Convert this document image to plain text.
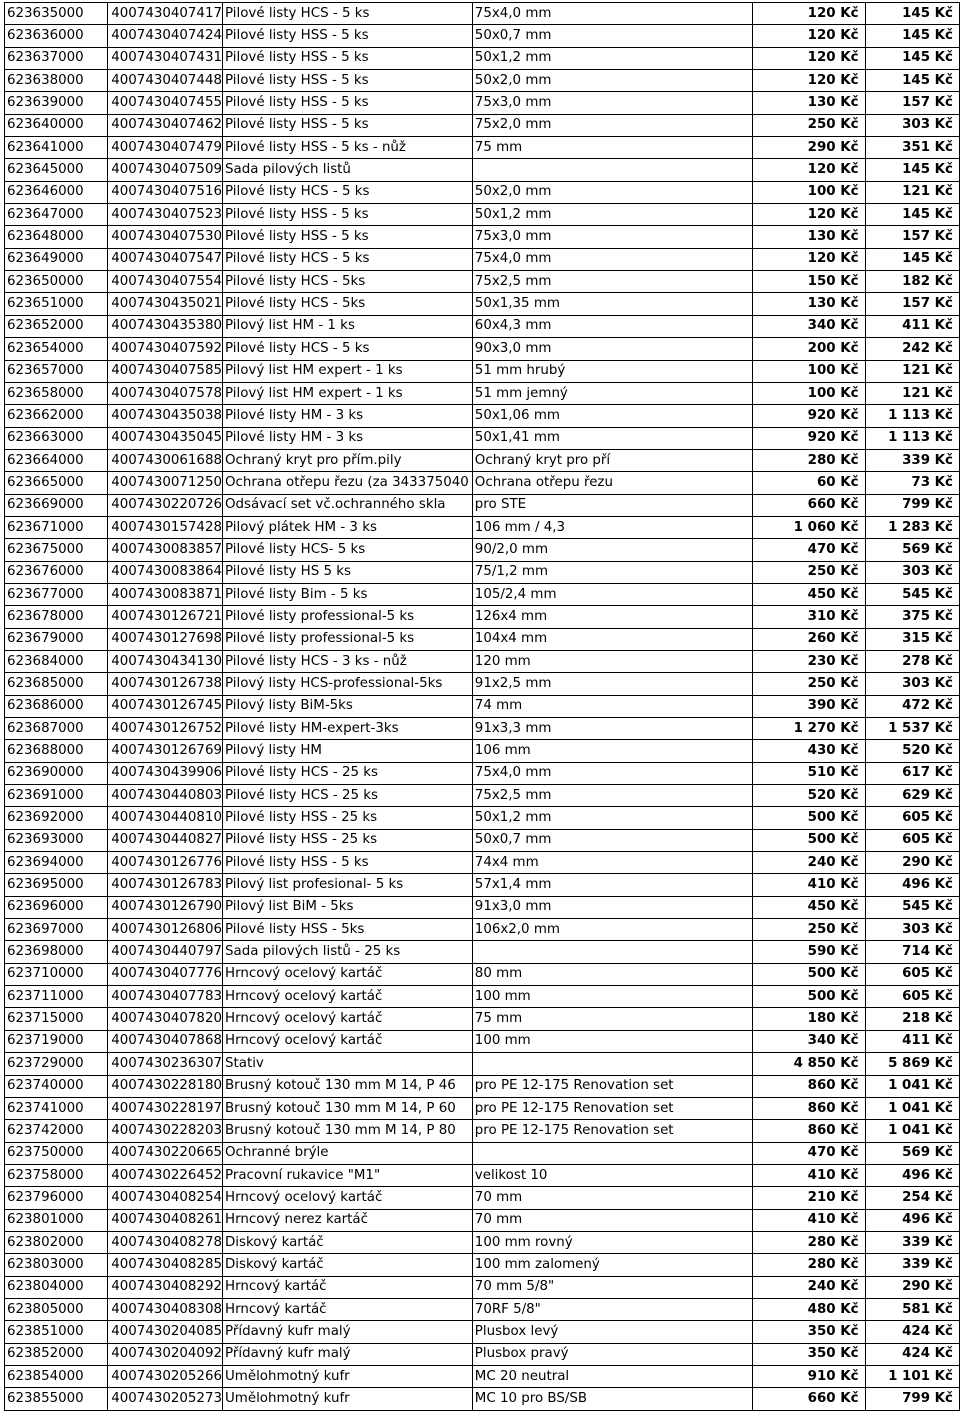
623635000	4007430407417	Pilové listy HCS - 5 ks	75x4,0 mm	120 Kč	145 Kč
623636000	4007430407424	Pilové listy HSS - 5 ks	50x0,7 mm	120 Kč	145 Kč
623637000	4007430407431	Pilové listy HSS - 5 ks	50x1,2 mm	120 Kč	145 Kč
623638000	4007430407448	Pilové listy HSS - 5 ks	50x2,0 mm	120 Kč	145 Kč
623639000	4007430407455	Pilové listy HSS - 5 ks	75x3,0 mm	130 Kč	157 Kč
623640000	4007430407462	Pilové listy HSS - 5 ks	75x2,0 mm	250 Kč	303 Kč
623641000	4007430407479	Pilové listy HSS - 5 ks - nůž	75 mm	290 Kč	351 Kč
623645000	4007430407509	Sada pilových listů		120 Kč	145 Kč
623646000	4007430407516	Pilové listy HCS - 5 ks	50x2,0 mm	100 Kč	121 Kč
623647000	4007430407523	Pilové listy HSS - 5 ks	50x1,2 mm	120 Kč	145 Kč
623648000	4007430407530	Pilové listy HSS - 5 ks	75x3,0 mm	130 Kč	157 Kč
623649000	4007430407547	Pilové listy HCS - 5 ks	75x4,0 mm	120 Kč	145 Kč
623650000	4007430407554	Pilové listy HCS - 5ks	75x2,5 mm	150 Kč	182 Kč
623651000	4007430435021	Pilové listy HCS - 5ks	50x1,35 mm	130 Kč	157 Kč
623652000	4007430435380	Pilový list HM - 1 ks	60x4,3 mm	340 Kč	411 Kč
623654000	4007430407592	Pilové listy HCS - 5 ks	90x3,0 mm	200 Kč	242 Kč
623657000	4007430407585	Pilový list HM expert - 1 ks	51 mm hrubý	100 Kč	121 Kč
623658000	4007430407578	Pilový list HM expert - 1 ks	51 mm jemný	100 Kč	121 Kč
623662000	4007430435038	Pilové listy HM - 3 ks	50x1,06 mm	920 Kč	1 113 Kč
623663000	4007430435045	Pilové listy HM - 3 ks	50x1,41 mm	920 Kč	1 113 Kč
623664000	4007430061688	Ochraný kryt pro přím.pily	Ochraný kryt pro pří	280 Kč	339 Kč
623665000	4007430071250	Ochrana otřepu řezu (za 343375040	Ochrana otřepu řezu	60 Kč	73 Kč
623669000	4007430220726	Odsávací set vč.ochranného skla	pro STE	660 Kč	799 Kč
623671000	4007430157428	Pilový plátek HM - 3 ks	106 mm / 4,3	1 060 Kč	1 283 Kč
623675000	4007430083857	Pilové listy HCS- 5 ks	90/2,0 mm	470 Kč	569 Kč
623676000	4007430083864	Pilové listy HS 5 ks	75/1,2 mm	250 Kč	303 Kč
623677000	4007430083871	Pilové listy Bim - 5 ks	105/2,4 mm	450 Kč	545 Kč
623678000	4007430126721	Pilové listy professional-5 ks	126x4 mm	310 Kč	375 Kč
623679000	4007430127698	Pilové listy professional-5 ks	104x4 mm	260 Kč	315 Kč
623684000	4007430434130	Pilové listy HCS - 3 ks - nůž	120 mm	230 Kč	278 Kč
623685000	4007430126738	Pilový listy HCS-professional-5ks	91x2,5 mm	250 Kč	303 Kč
623686000	4007430126745	Pilový listy BiM-5ks	74 mm	390 Kč	472 Kč
623687000	4007430126752	Pilové listy HM-expert-3ks	91x3,3 mm	1 270 Kč	1 537 Kč
623688000	4007430126769	Pilový listy HM	106 mm	430 Kč	520 Kč
623690000	4007430439906	Pilové listy HCS - 25 ks	75x4,0 mm	510 Kč	617 Kč
623691000	4007430440803	Pilové listy HCS - 25 ks	75x2,5 mm	520 Kč	629 Kč
623692000	4007430440810	Pilové listy HSS - 25 ks	50x1,2 mm	500 Kč	605 Kč
623693000	4007430440827	Pilové listy HSS - 25 ks	50x0,7 mm	500 Kč	605 Kč
623694000	4007430126776	Pilové listy HSS - 5 ks	74x4 mm	240 Kč	290 Kč
623695000	4007430126783	Pilový list profesional- 5 ks	57x1,4 mm	410 Kč	496 Kč
623696000	4007430126790	Pilový list BiM - 5ks	91x3,0 mm	450 Kč	545 Kč
623697000	4007430126806	Pilové listy HSS - 5ks	106x2,0 mm	250 Kč	303 Kč
623698000	4007430440797	Sada pilových listů - 25 ks		590 Kč	714 Kč
623710000	4007430407776	Hrncový ocelový kartáč	80 mm	500 Kč	605 Kč
623711000	4007430407783	Hrncový ocelový kartáč	100 mm	500 Kč	605 Kč
623715000	4007430407820	Hrncový ocelový kartáč	75 mm	180 Kč	218 Kč
623719000	4007430407868	Hrncový ocelový kartáč	100 mm	340 Kč	411 Kč
623729000	4007430236307	Stativ		4 850 Kč	5 869 Kč
623740000	4007430228180	Brusný kotouč 130 mm M 14, P 46	pro PE 12-175 Renovation set	860 Kč	1 041 Kč
623741000	4007430228197	Brusný kotouč 130 mm M 14, P 60	pro PE 12-175 Renovation set	860 Kč	1 041 Kč
623742000	4007430228203	Brusný kotouč 130 mm M 14, P 80	pro PE 12-175 Renovation set	860 Kč	1 041 Kč
623750000	4007430220665	Ochranné brýle		470 Kč	569 Kč
623758000	4007430226452	Pracovní rukavice "M1"	velikost 10	410 Kč	496 Kč
623796000	4007430408254	Hrncový ocelový kartáč	70 mm	210 Kč	254 Kč
623801000	4007430408261	Hrncový nerez kartáč	70 mm	410 Kč	496 Kč
623802000	4007430408278	Diskový kartáč	100 mm rovný	280 Kč	339 Kč
623803000	4007430408285	Diskový kartáč	100 mm zalomený	280 Kč	339 Kč
623804000	4007430408292	Hrncový kartáč	70 mm 5/8"	240 Kč	290 Kč
623805000	4007430408308	Hrncový kartáč	70RF 5/8"	480 Kč	581 Kč
623851000	4007430204085	Přídavný kufr malý	Plusbox levý	350 Kč	424 Kč
623852000	4007430204092	Přídavný kufr malý	Plusbox pravý	350 Kč	424 Kč
623854000	4007430205266	Umělohmotný kufr	MC 20 neutral	910 Kč	1 101 Kč
623855000	4007430205273	Umělohmotný kufr	MC 10 pro BS/SB	660 Kč	799 Kč
